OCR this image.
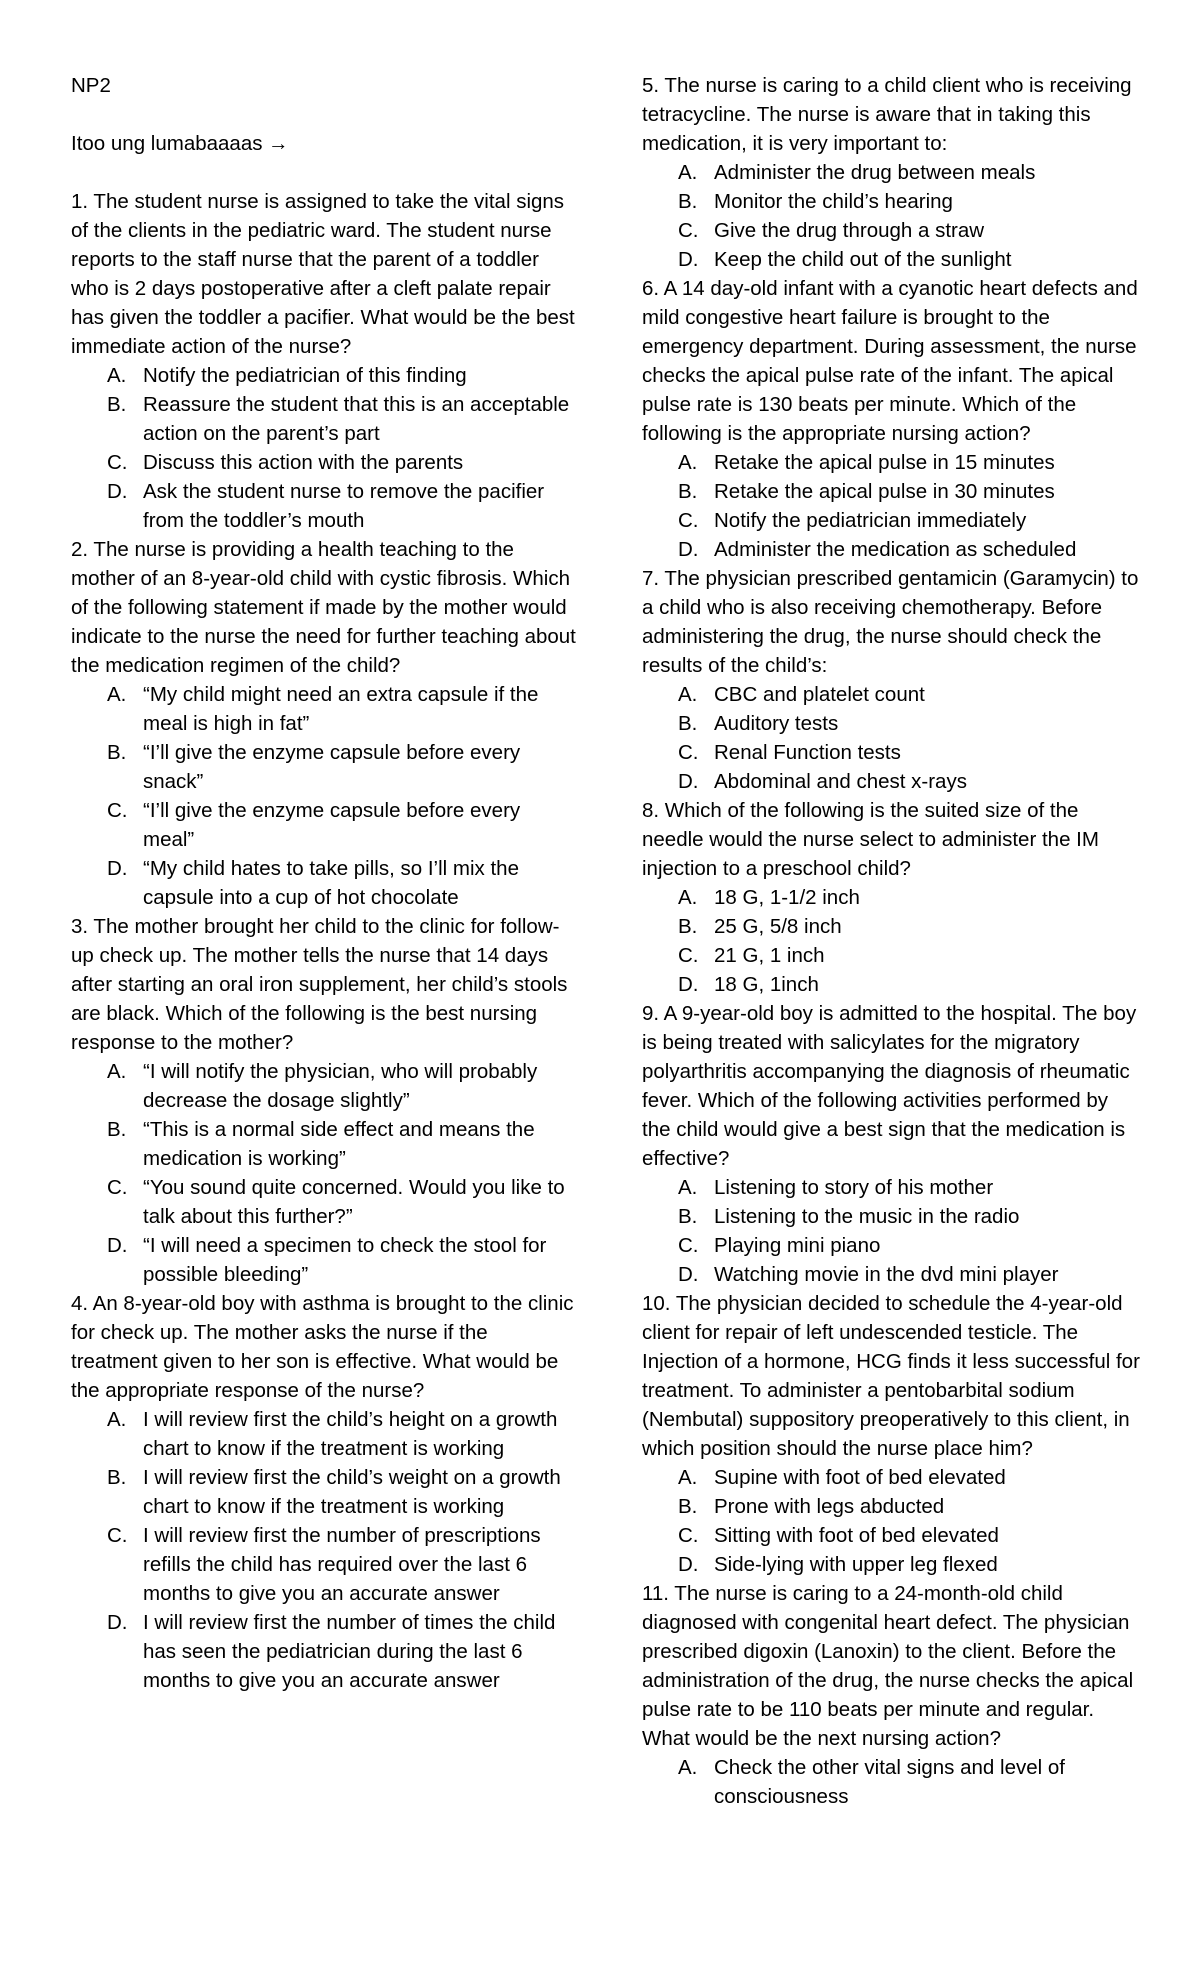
NP2

Itoo ung lumabaaaas →

1. The student nurse is assigned to take the vital signs of the clients in the pediatric ward. The student nurse reports to the staff nurse that the parent of a toddler who is 2 days postoperative after a cleft palate repair has given the toddler a pacifier. What would be the best immediate action of the nurse?

A. Notify the pediatrician of this finding
B. Reassure the student that this is an acceptable action on the parent’s part
C. Discuss this action with the parents
D. Ask the student nurse to remove the pacifier from the toddler’s mouth

2. The nurse is providing a health teaching to the mother of an 8-year-old child with cystic fibrosis. Which of the following statement if made by the mother would indicate to the nurse the need for further teaching about the medication regimen of the child?

A. “My child might need an extra capsule if the meal is high in fat”
B. “I’ll give the enzyme capsule before every snack”
C. “I’ll give the enzyme capsule before every meal”
D. “My child hates to take pills, so I’ll mix the capsule into a cup of hot chocolate

3. The mother brought her child to the clinic for follow-up check up. The mother tells the nurse that 14 days after starting an oral iron supplement, her child’s stools are black. Which of the following is the best nursing response to the mother?

A. “I will notify the physician, who will probably decrease the dosage slightly”
B. “This is a normal side effect and means the medication is working”
C. “You sound quite concerned. Would you like to talk about this further?”
D. “I will need a specimen to check the stool for possible bleeding”

4. An 8-year-old boy with asthma is brought to the clinic for check up. The mother asks the nurse if the treatment given to her son is effective. What would be the appropriate response of the nurse?

A. I will review first the child’s height on a growth chart to know if the treatment is working
B. I will review first the child’s weight on a growth chart to know if the treatment is working
C. I will review first the number of prescriptions refills the child has required over the last 6 months to give you an accurate answer
D. I will review first the number of times the child has seen the pediatrician during the last 6 months to give you an accurate answer

5. The nurse is caring to a child client who is receiving tetracycline. The nurse is aware that in taking this medication, it is very important to:

A. Administer the drug between meals
B. Monitor the child’s hearing
C. Give the drug through a straw
D. Keep the child out of the sunlight

6. A 14 day-old infant with a cyanotic heart defects and mild congestive heart failure is brought to the emergency department. During assessment, the nurse checks the apical pulse rate of the infant. The apical pulse rate is 130 beats per minute. Which of the following is the appropriate nursing action?

A. Retake the apical pulse in 15 minutes
B. Retake the apical pulse in 30 minutes
C. Notify the pediatrician immediately
D. Administer the medication as scheduled

7. The physician prescribed gentamicin (Garamycin) to a child who is also receiving chemotherapy. Before administering the drug, the nurse should check the results of the child’s:

A. CBC and platelet count
B. Auditory tests
C. Renal Function tests
D. Abdominal and chest x-rays

8. Which of the following is the suited size of the needle would the nurse select to administer the IM injection to a preschool child?

A. 18 G, 1-1/2 inch
B. 25 G, 5/8 inch
C. 21 G, 1 inch
D. 18 G, 1inch

9. A 9-year-old boy is admitted to the hospital. The boy is being treated with salicylates for the migratory polyarthritis accompanying the diagnosis of rheumatic fever. Which of the following activities performed by the child would give a best sign that the medication is effective?

A. Listening to story of his mother
B. Listening to the music in the radio
C. Playing mini piano
D. Watching movie in the dvd mini player

10. The physician decided to schedule the 4-year-old client for repair of left undescended testicle. The Injection of a hormone, HCG finds it less successful for treatment. To administer a pentobarbital sodium (Nembutal) suppository preoperatively to this client, in which position should the nurse place him?

A. Supine with foot of bed elevated
B. Prone with legs abducted
C. Sitting with foot of bed elevated
D. Side-lying with upper leg flexed

11. The nurse is caring to a 24-month-old child diagnosed with congenital heart defect. The physician prescribed digoxin (Lanoxin) to the client. Before the administration of the drug, the nurse checks the apical pulse rate to be 110 beats per minute and regular. What would be the next nursing action?

A. Check the other vital signs and level of consciousness
